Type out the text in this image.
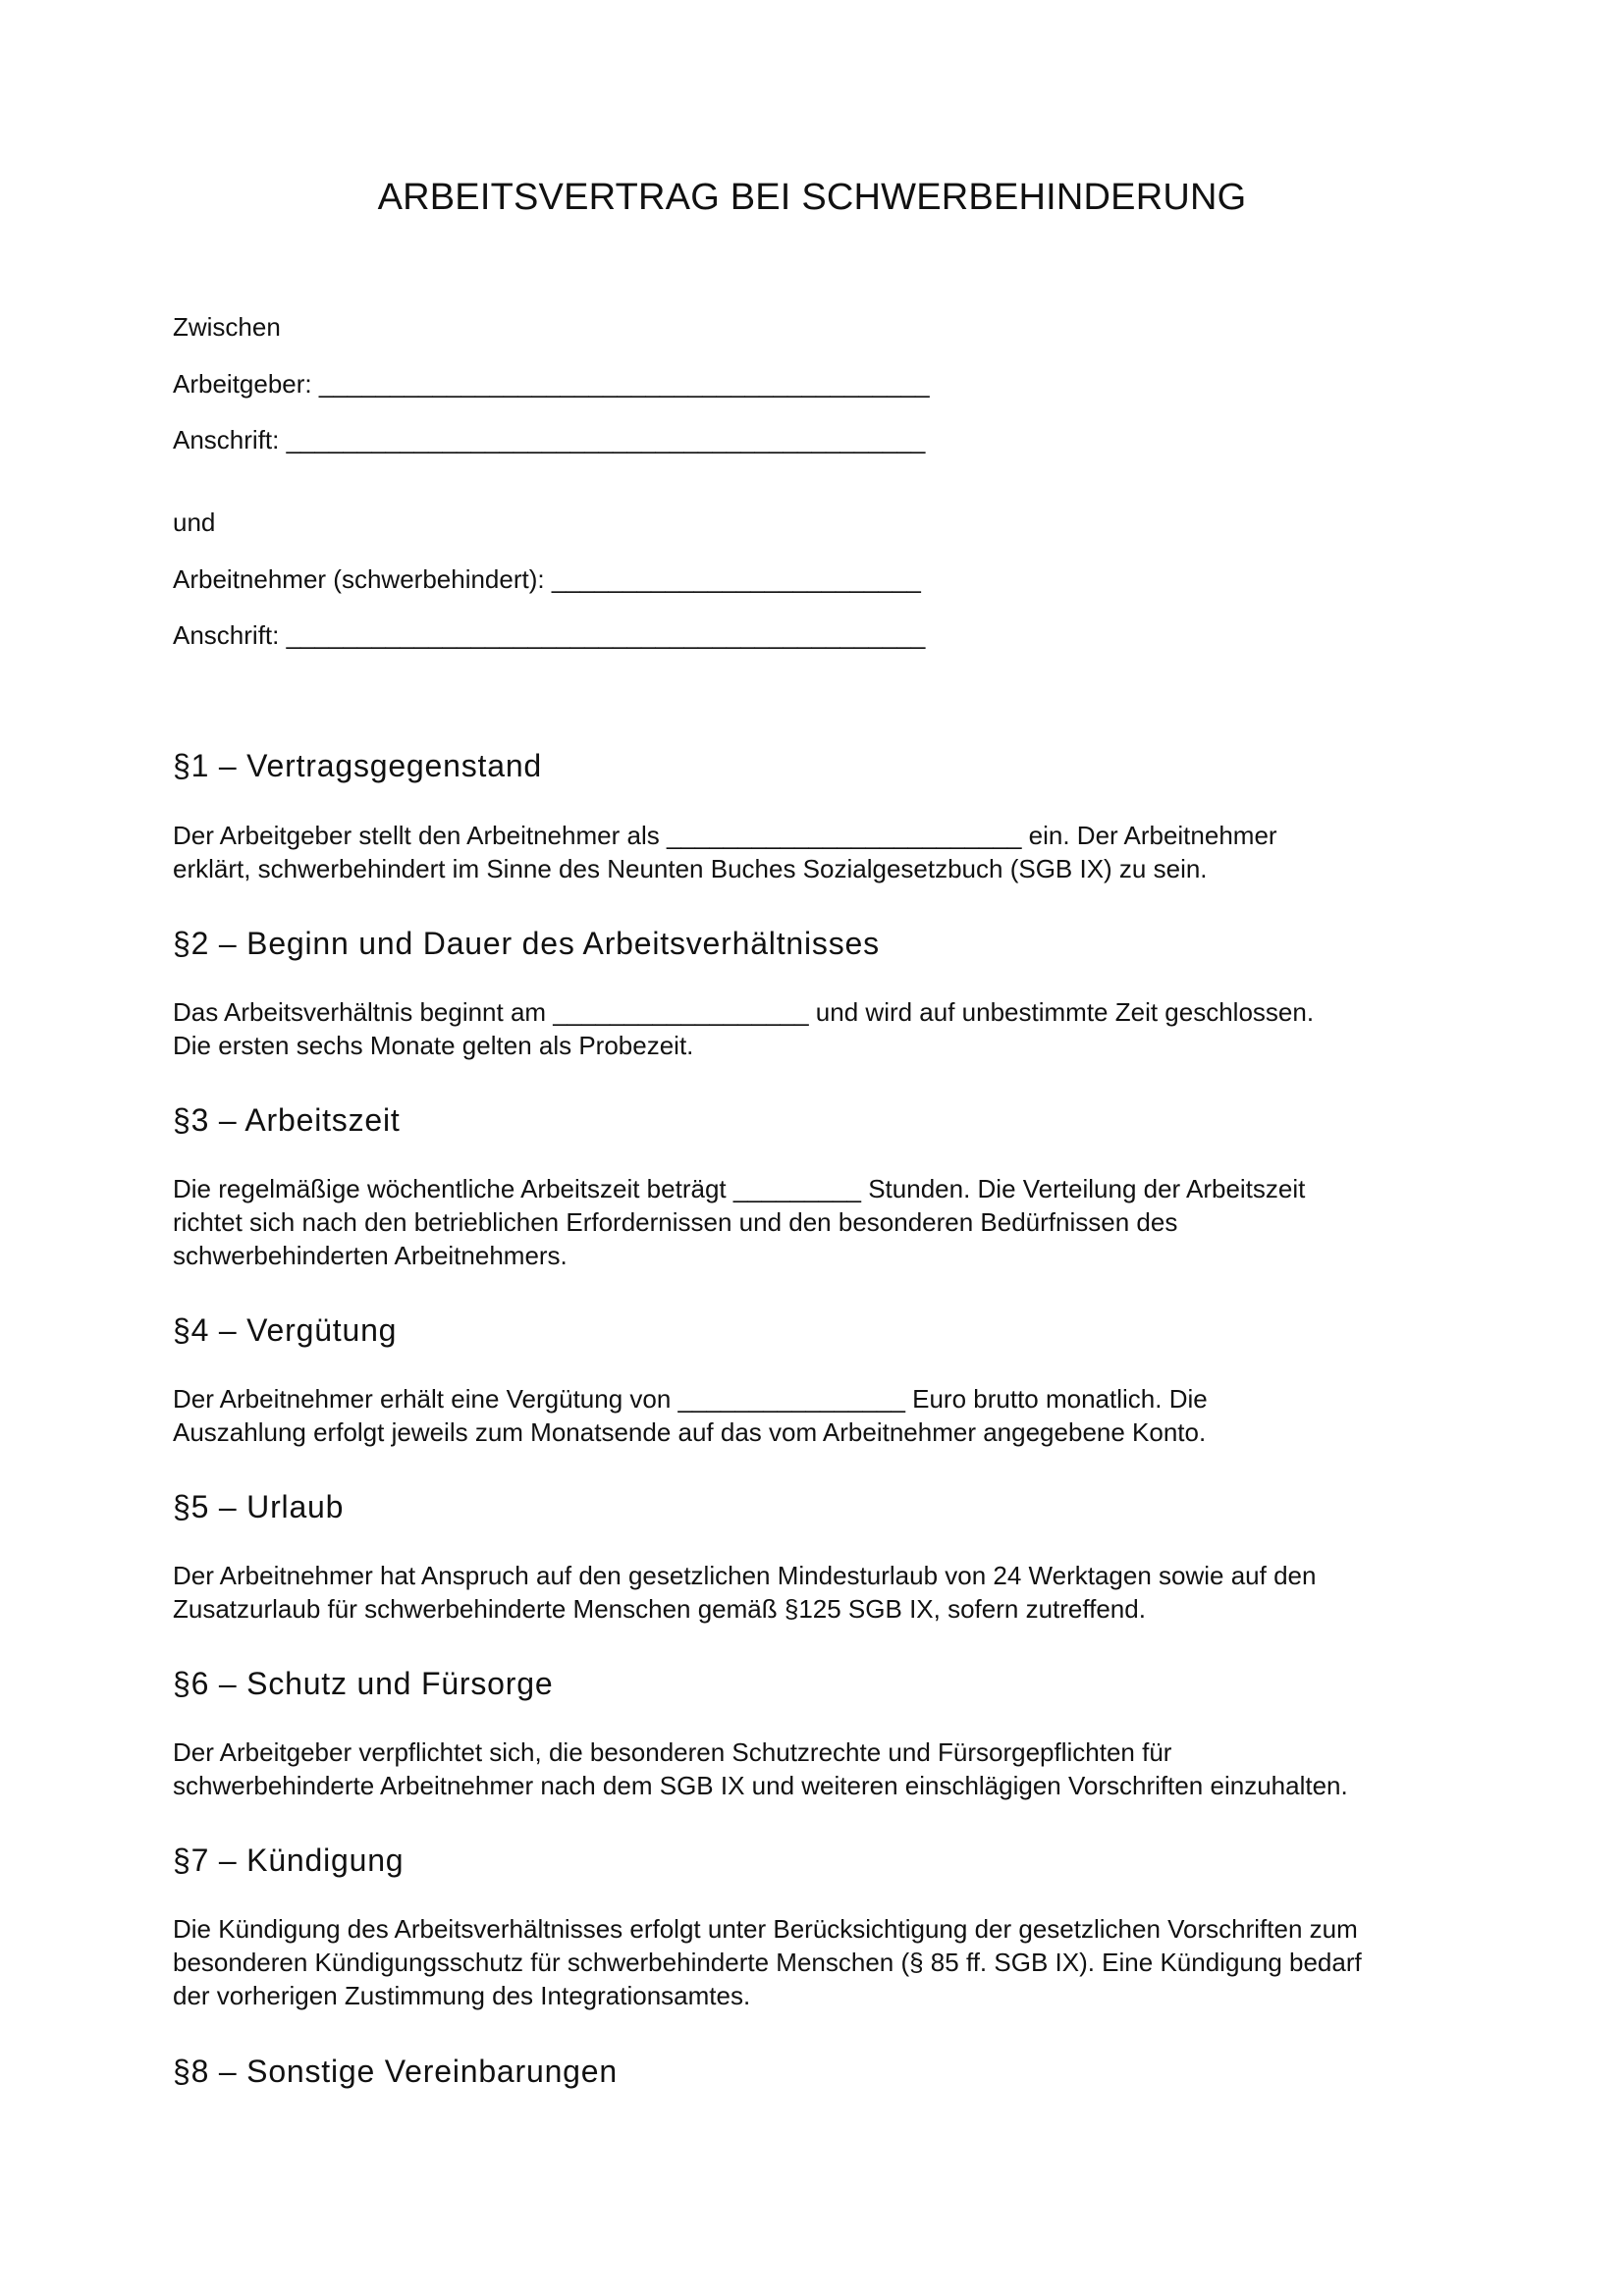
ARBEITSVERTRAG BEI SCHWERBEHINDERUNG
Zwischen
Arbeitgeber: ___________________________________________
Anschrift: _____________________________________________
und
Arbeitnehmer (schwerbehindert): __________________________
Anschrift: _____________________________________________
§1 – Vertragsgegenstand
Der Arbeitgeber stellt den Arbeitnehmer als _________________________ ein. Der Arbeitnehmer
erklärt, schwerbehindert im Sinne des Neunten Buches Sozialgesetzbuch (SGB IX) zu sein.
§2 – Beginn und Dauer des Arbeitsverhältnisses
Das Arbeitsverhältnis beginnt am __________________ und wird auf unbestimmte Zeit geschlossen.
Die ersten sechs Monate gelten als Probezeit.
§3 – Arbeitszeit
Die regelmäßige wöchentliche Arbeitszeit beträgt _________ Stunden. Die Verteilung der Arbeitszeit
richtet sich nach den betrieblichen Erfordernissen und den besonderen Bedürfnissen des
schwerbehinderten Arbeitnehmers.
§4 – Vergütung
Der Arbeitnehmer erhält eine Vergütung von ________________ Euro brutto monatlich. Die
Auszahlung erfolgt jeweils zum Monatsende auf das vom Arbeitnehmer angegebene Konto.
§5 – Urlaub
Der Arbeitnehmer hat Anspruch auf den gesetzlichen Mindesturlaub von 24 Werktagen sowie auf den
Zusatzurlaub für schwerbehinderte Menschen gemäß §125 SGB IX, sofern zutreffend.
§6 – Schutz und Fürsorge
Der Arbeitgeber verpflichtet sich, die besonderen Schutzrechte und Fürsorgepflichten für
schwerbehinderte Arbeitnehmer nach dem SGB IX und weiteren einschlägigen Vorschriften einzuhalten.
§7 – Kündigung
Die Kündigung des Arbeitsverhältnisses erfolgt unter Berücksichtigung der gesetzlichen Vorschriften zum
besonderen Kündigungsschutz für schwerbehinderte Menschen (§ 85 ff. SGB IX). Eine Kündigung bedarf
der vorherigen Zustimmung des Integrationsamtes.
§8 – Sonstige Vereinbarungen
